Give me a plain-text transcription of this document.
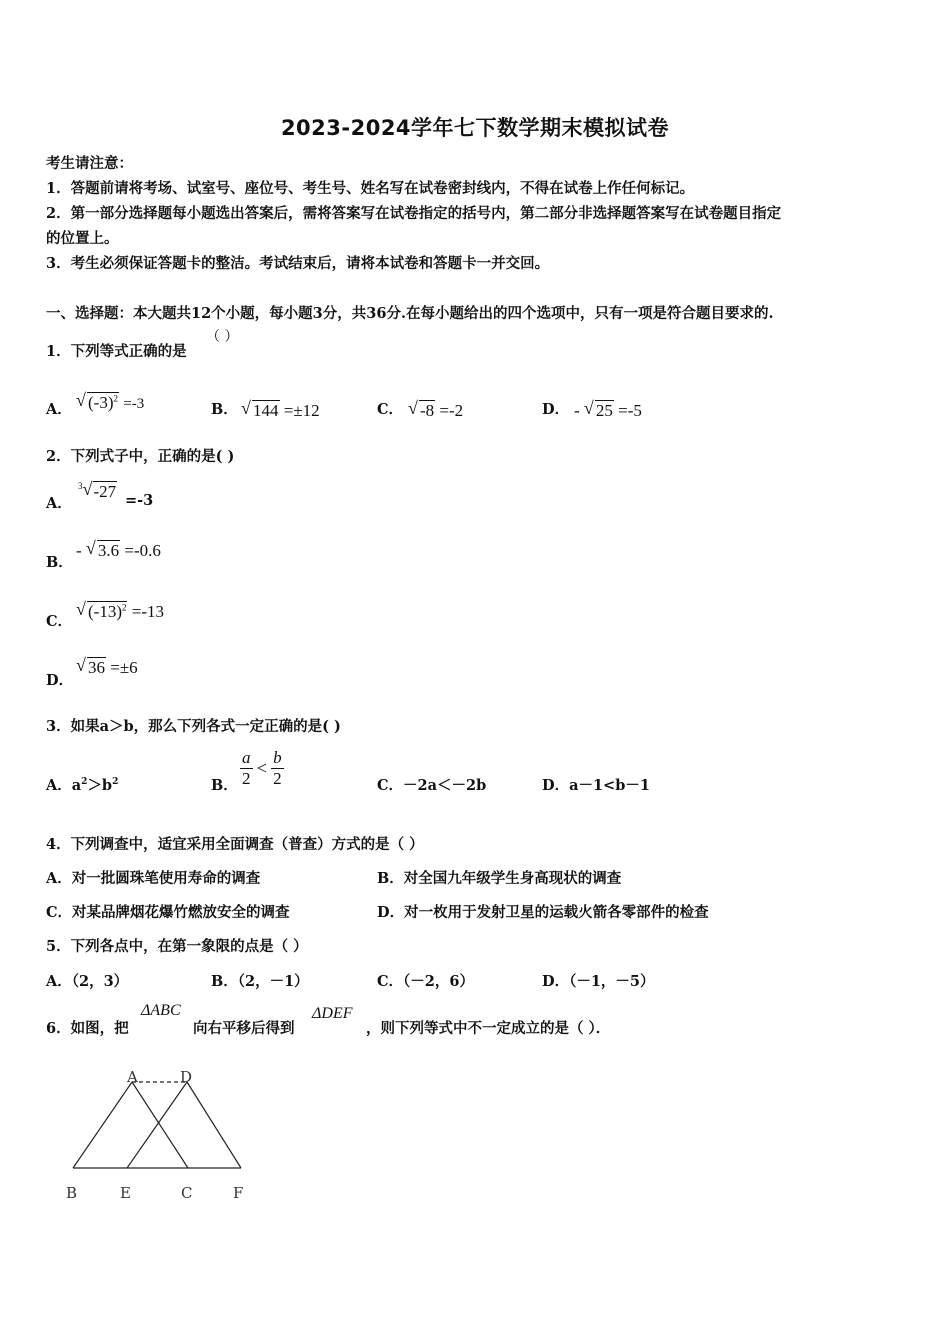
2023-2024学年七下数学期末模拟试卷
考生请注意：
1．答题前请将考场、试室号、座位号、考生号、姓名写在试卷密封线内，不得在试卷上作任何标记。
2．第一部分选择题每小题选出答案后，需将答案写在试卷指定的括号内，第二部分非选择题答案写在试卷题目指定
的位置上。
3．考生必须保证答题卡的整洁。考试结束后，请将本试卷和答题卡一并交回。
一、选择题：本大题共12个小题，每小题3分，共36分.在每小题给出的四个选项中，只有一项是符合题目要求的.
1．下列等式正确的是
（ ）
A． √ $(-3)^2 =-3$	B． √ 144 =±12	C． √ -8 =-2	D． - √ 25 =-5
2．下列式子中，正确的是( )
A．
$^3$ √ -27 =-3
B．
- √ 3.6 =-0.6
C．
√ $(-13)^2 =-13$
D．
√ 36 =±6
3．如果a＞b，那么下列各式一定正确的是( )
A．$a^2>b^2$	B． $\frac{a}{2} < \frac{b}{2}$	C．－2a＜－2b	D．a－1<b－1
4．下列调查中，适宜采用全面调查（普查）方式的是（ ）
A．对一批圆珠笔使用寿命的调查	B．对全国九年级学生身高现状的调查
C．对某品牌烟花爆竹燃放安全的调查	D．对一枚用于发射卫星的运载火箭各零部件的检查
5．下列各点中，在第一象限的点是（ ）
A．（2，3）	B．（2，－1）	C．（－2，6）	D．（－1，－5）
6．如图，把
ΔABC
向右平移后得到
ΔDEF
，则下列等式中不一定成立的是（ ）．
A	D
B	E	C	F
